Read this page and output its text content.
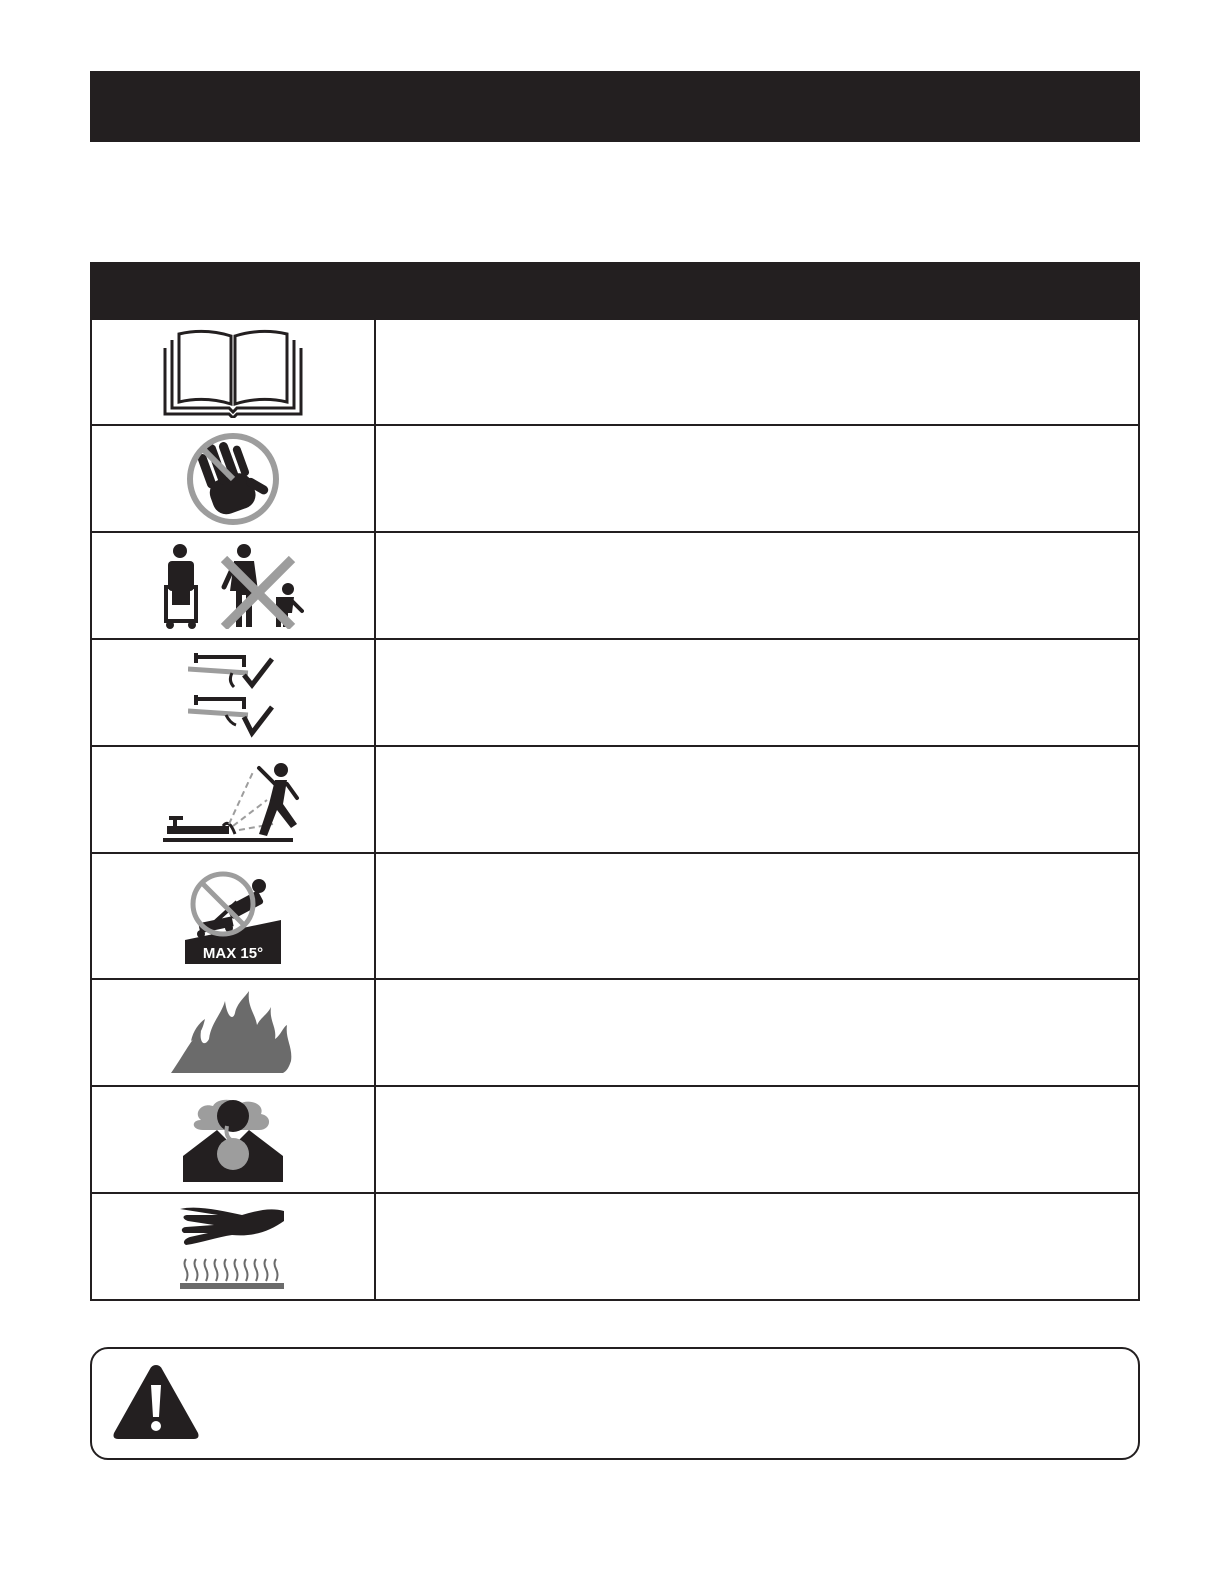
MAX 15°
